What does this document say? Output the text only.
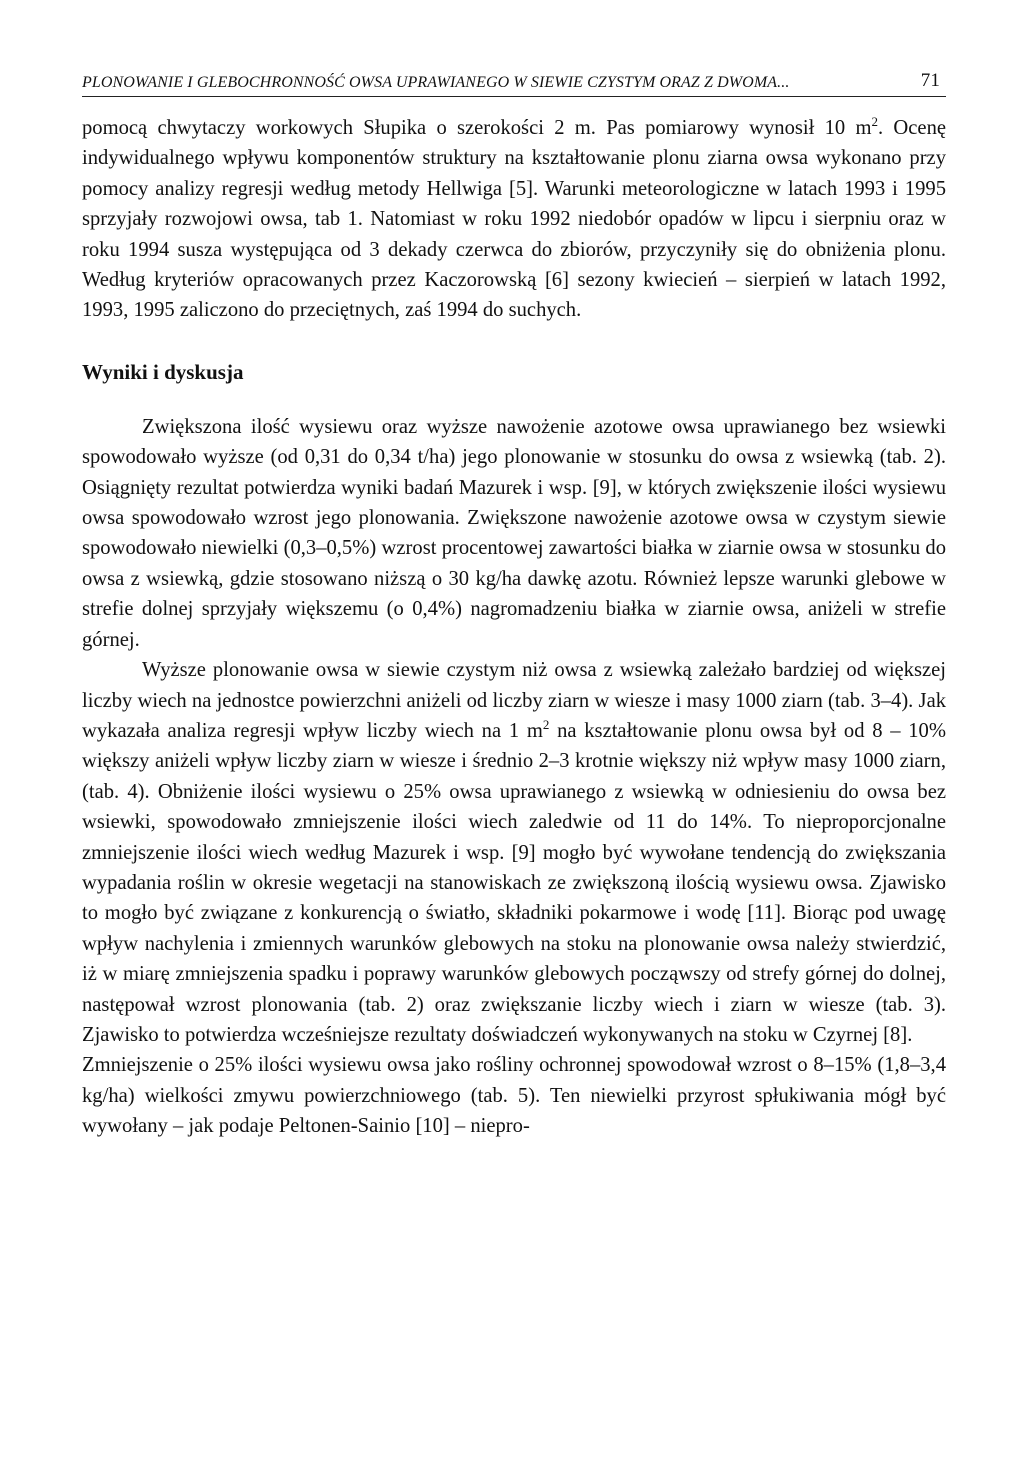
PLONOWANIE I GLEBOCHRONNOŚĆ OWSA UPRAWIANEGO W SIEWIE CZYSTYM ORAZ Z DWOMA...	71

pomocą chwytaczy workowych Słupika o szerokości 2 m. Pas pomiarowy wynosił 10 $m^2$. Ocenę indywidualnego wpływu komponentów struktury na kształtowanie plonu ziarna owsa wykonano przy pomocy analizy regresji według metody Hellwiga [5]. Warunki meteorologiczne w latach 1993 i 1995 sprzyjały rozwojowi owsa, tab 1. Natomiast w roku 1992 niedobór opadów w lipcu i sierpniu oraz w roku 1994 susza występująca od 3 dekady czerwca do zbiorów, przyczyniły się do obniżenia plonu. Według kryteriów opracowanych przez Kaczorowską [6] sezony kwiecień – sierpień w latach 1992, 1993, 1995 zaliczono do przeciętnych, zaś 1994 do suchych.

Wyniki i dyskusja

Zwiększona ilość wysiewu oraz wyższe nawożenie azotowe owsa uprawianego bez wsiewki spowodowało wyższe (od 0,31 do 0,34 t/ha) jego plonowanie w stosunku do owsa z wsiewką (tab. 2). Osiągnięty rezultat potwierdza wyniki badań Mazurek i wsp. [9], w których zwiększenie ilości wysiewu owsa spowodowało wzrost jego plonowania. Zwiększone nawożenie azotowe owsa w czystym siewie spowodowało niewielki (0,3–0,5%) wzrost procentowej zawartości białka w ziarnie owsa w stosunku do owsa z wsiewką, gdzie stosowano niższą o 30 kg/ha dawkę azotu. Również lepsze warunki glebowe w strefie dolnej sprzyjały większemu (o 0,4%) nagromadzeniu białka w ziarnie owsa, aniżeli w strefie górnej.

Wyższe plonowanie owsa w siewie czystym niż owsa z wsiewką zależało bardziej od większej liczby wiech na jednostce powierzchni aniżeli od liczby ziarn w wiesze i masy 1000 ziarn (tab. 3–4). Jak wykazała analiza regresji wpływ liczby wiech na 1 $m^2$ na kształtowanie plonu owsa był od 8 – 10% większy aniżeli wpływ liczby ziarn w wiesze i średnio 2–3 krotnie większy niż wpływ masy 1000 ziarn, (tab. 4). Obniżenie ilości wysiewu o 25% owsa uprawianego z wsiewką w odniesieniu do owsa bez wsiewki, spowodowało zmniejszenie ilości wiech zaledwie od 11 do 14%. To nieproporcjonalne zmniejszenie ilości wiech według Mazurek i wsp. [9] mogło być wywołane tendencją do zwiększania wypadania roślin w okresie wegetacji na stanowiskach ze zwiększoną ilością wysiewu owsa. Zjawisko to mogło być związane z konkurencją o światło, składniki pokarmowe i wodę [11]. Biorąc pod uwagę wpływ nachylenia i zmiennych warunków glebowych na stoku na plonowanie owsa należy stwierdzić, iż w miarę zmniejszenia spadku i poprawy warunków glebowych począwszy od strefy górnej do dolnej, następował wzrost plonowania (tab. 2) oraz zwiększanie liczby wiech i ziarn w wiesze (tab. 3). Zjawisko to potwierdza wcześniejsze rezultaty doświadczeń wykonywanych na stoku w Czyrnej [8].

Zmniejszenie o 25% ilości wysiewu owsa jako rośliny ochronnej spowodował wzrost o 8–15% (1,8–3,4 kg/ha) wielkości zmywu powierzchniowego (tab. 5). Ten niewielki przyrost spłukiwania mógł być wywołany – jak podaje Peltonen-Sainio [10] – niepro-
